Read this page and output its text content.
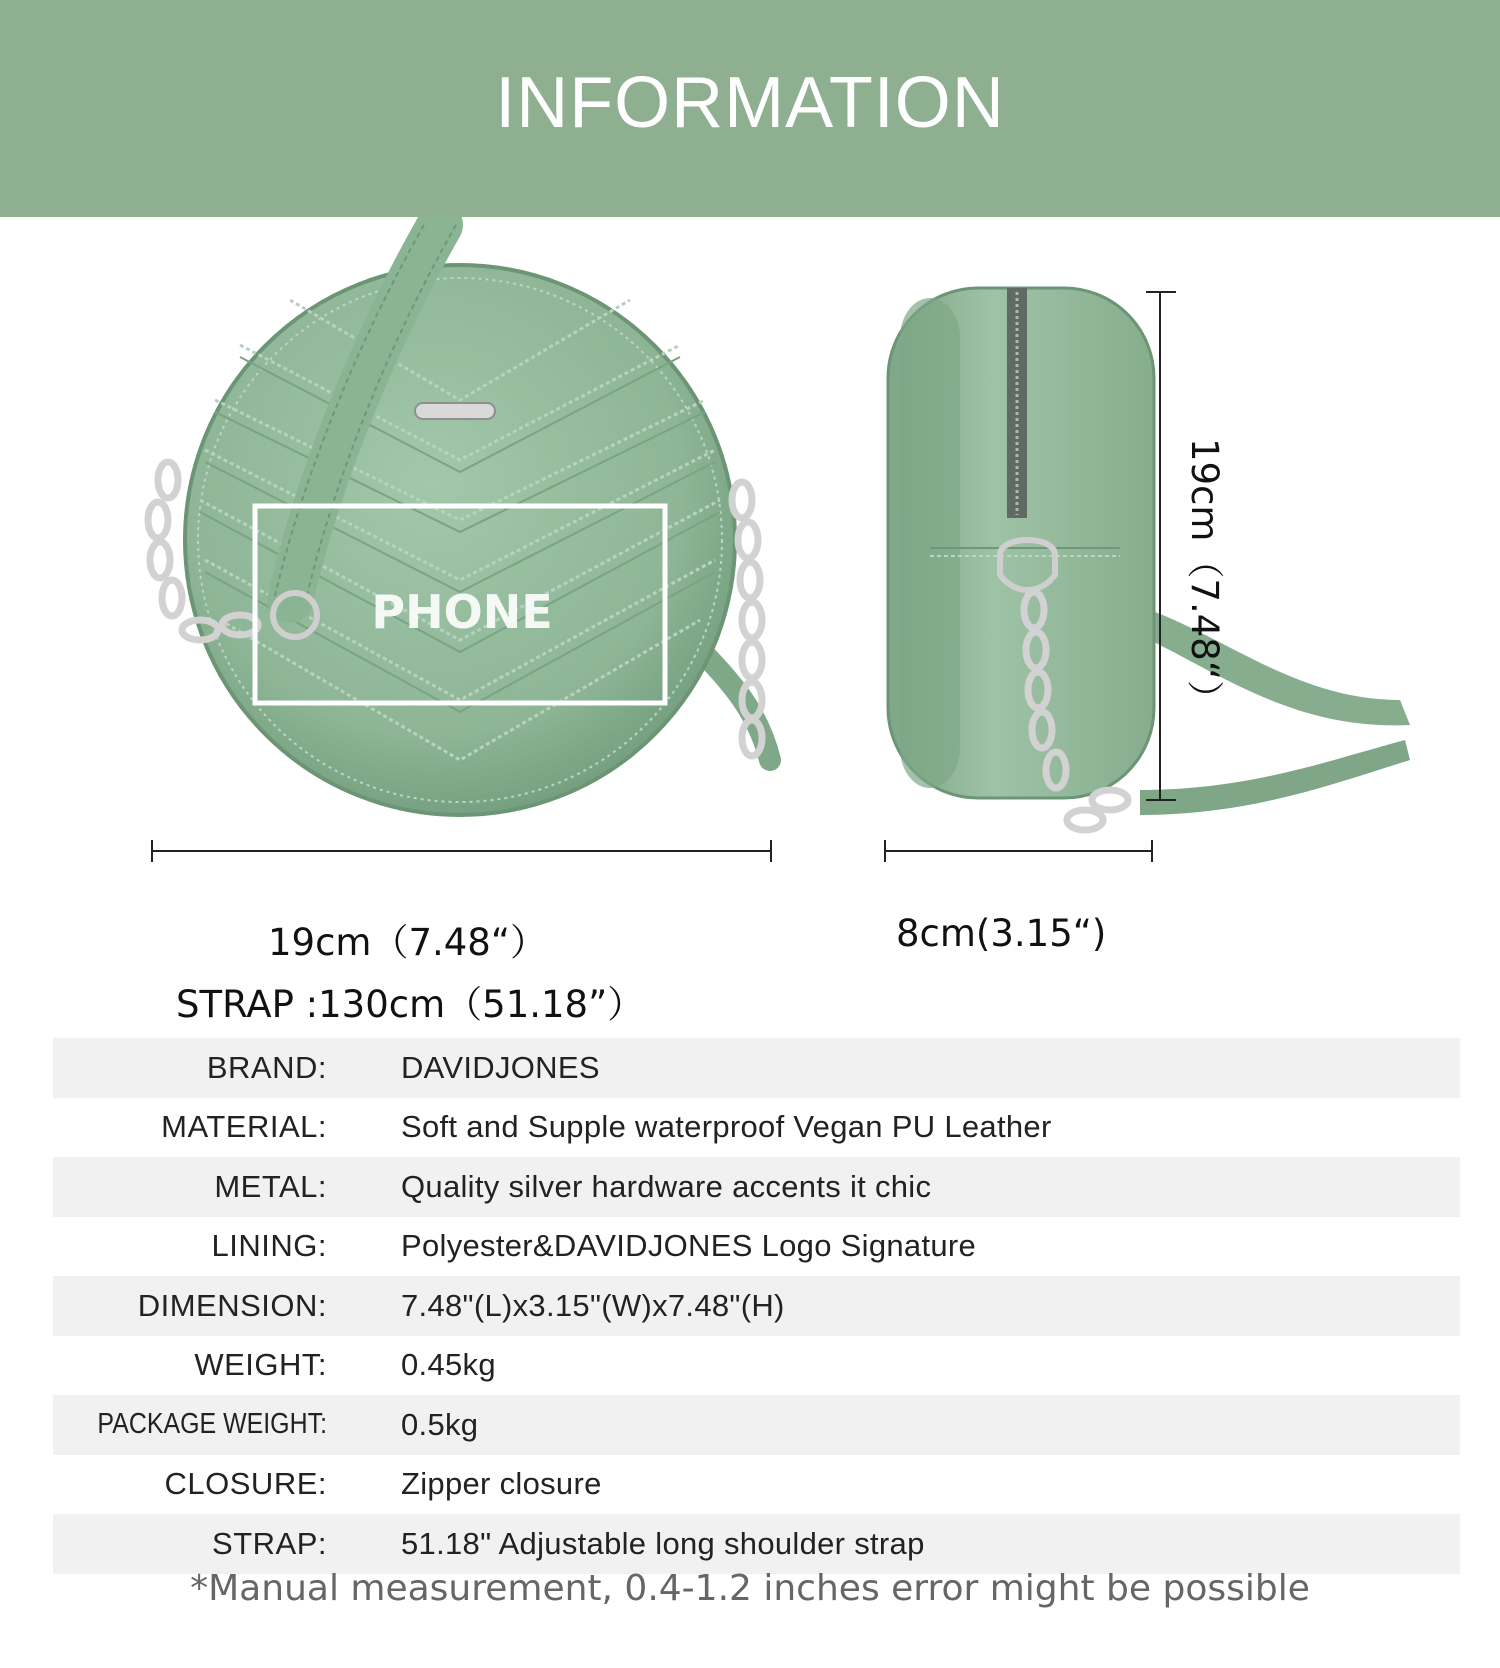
INFORMATION
PHONE	19cm（7.48“）
19cm（7.48“）	8cm(3.15“)
STRAP :130cm（51.18”）
BRAND: DAVIDJONES
MATERIAL: Soft and Supple waterproof Vegan PU Leather
METAL: Quality silver hardware accents it chic
LINING: Polyester&DAVIDJONES Logo Signature
DIMENSION: 7.48"(L)x3.15"(W)x7.48"(H)
WEIGHT: 0.45kg
PACKAGE WEIGHT: 0.5kg
CLOSURE: Zipper closure
STRAP: 51.18" Adjustable long shoulder strap
*Manual measurement, 0.4-1.2 inches error might be possible
